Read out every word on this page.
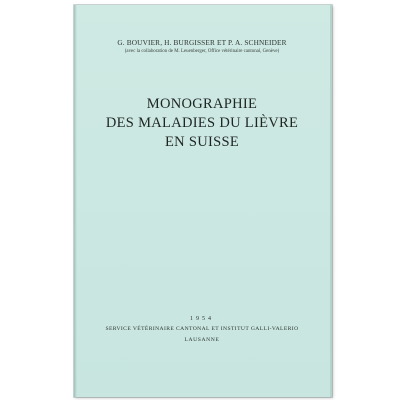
G. BOUVIER, H. BURGISSER ET P. A. SCHNEIDER
(avec la collaboration de M. Leuenberger, Office vétérinaire cantonal, Genève)
MONOGRAPHIE
DES MALADIES DU LIÈVRE
EN SUISSE
1954
SERVICE VÉTÉRINAIRE CANTONAL ET INSTITUT GALLI-VALERIO
LAUSANNE
